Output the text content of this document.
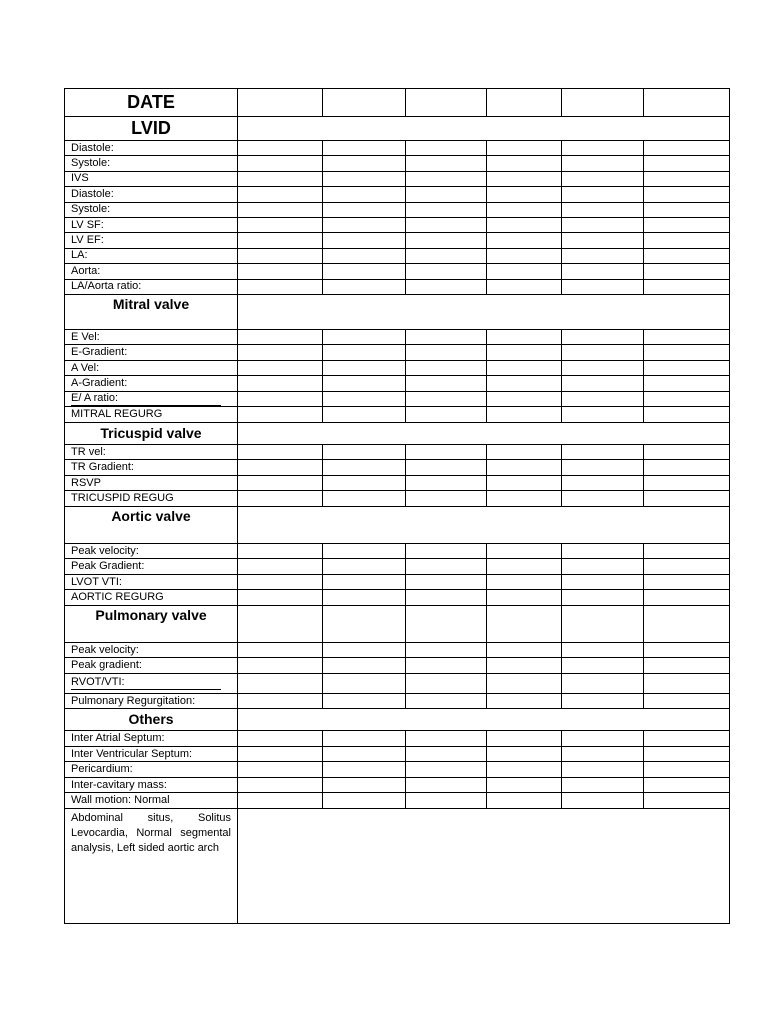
DATE						
LVID						
Diastole:						
Systole:						
IVS						
Diastole:						
Systole:						
LV SF:						
LV EF:						
LA:						
Aorta:						
LA/Aorta ratio:						
Mitral valve						
E Vel:						
E-Gradient:						
A Vel:						
A-Gradient:						
E/ A ratio:						
MITRAL REGURG						
Tricuspid valve						
TR vel:						
TR Gradient:						
RSVP						
TRICUSPID REGUG						
Aortic valve						
Peak velocity:						
Peak Gradient:						
LVOT VTI:						
AORTIC REGURG						
Pulmonary valve						
Peak velocity:						
Peak gradient:						
RVOT/VTI:						
Pulmonary Regurgitation:						
Others						
Inter Atrial Septum:						
Inter Ventricular Septum:						
Pericardium:						
Inter-cavitary mass:						
Wall motion: Normal						
Abdominal situs, Solitus Levocardia, Normal segmental analysis, Left sided aortic arch						
